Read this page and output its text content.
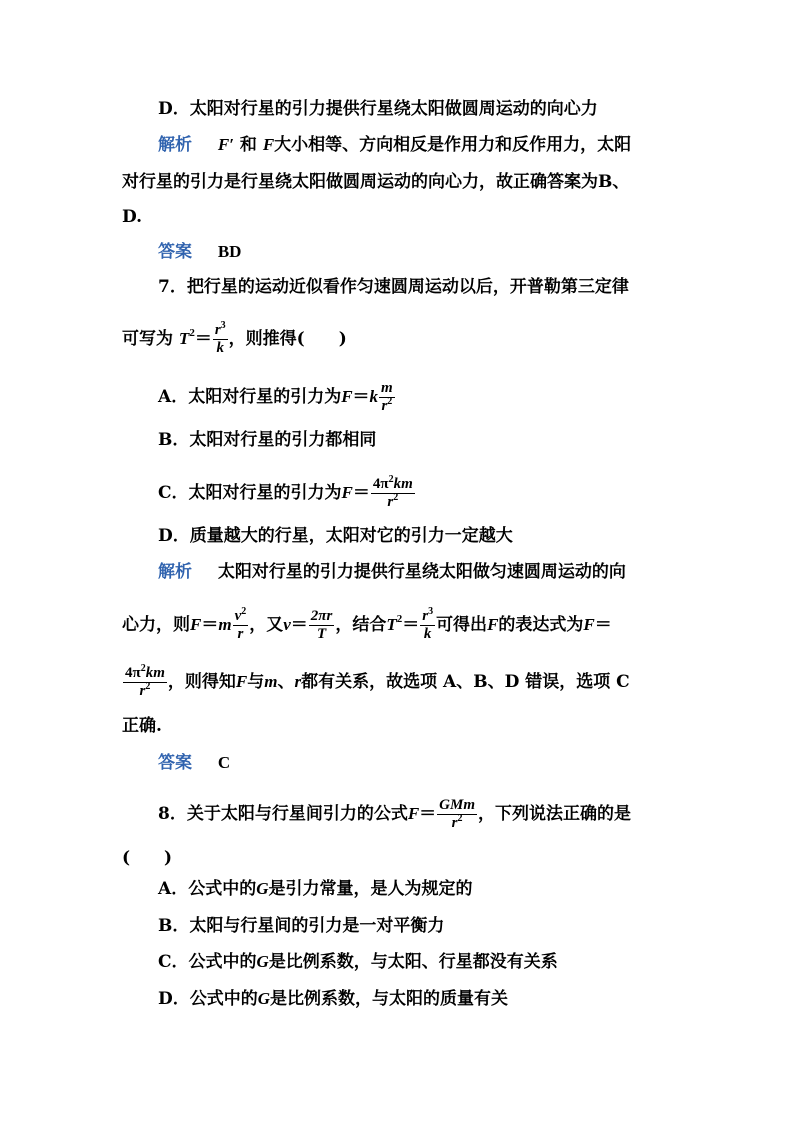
D．太阳对行星的引力提供行星绕太阳做圆周运动的向心力
解析 F′ 和 F大小相等、方向相反是作用力和反作用力，太阳
对行星的引力是行星绕太阳做圆周运动的向心力，故正确答案为B、
D.
答案 BD
7．把行星的运动近似看作匀速圆周运动以后，开普勒第三定律
可写为 $T^2= \frac{r^3}{k}$ ，则推得(　　)
A．太阳对行星的引力为$F=k \frac{m}{r^2}$
B．太阳对行星的引力都相同
C．太阳对行星的引力为$F= \frac{4\pi^2km}{r^2}$
D．质量越大的行星，太阳对它的引力一定越大
解析 太阳对行星的引力提供行星绕太阳做匀速圆周运动的向
心力，则$F=m \frac{v^2}{r}$ ，又$v= \frac{2\pi r}{T}$ ，结合$T^2= \frac{r^3}{k}$ 可得出F的表达式为F＝
$\frac{4\pi^2km}{r^2}$ ，则得知F与m、r都有关系，故选项 A、B、D 错误，选项 C
正确.
答案 C
8．关于太阳与行星间引力的公式$F= \frac{\text{GMm}}{r^2}$ ，下列说法正确的是
(　　)
A．公式中的G是引力常量，是人为规定的
B．太阳与行星间的引力是一对平衡力
C．公式中的G是比例系数，与太阳、行星都没有关系
D．公式中的G是比例系数，与太阳的质量有关
